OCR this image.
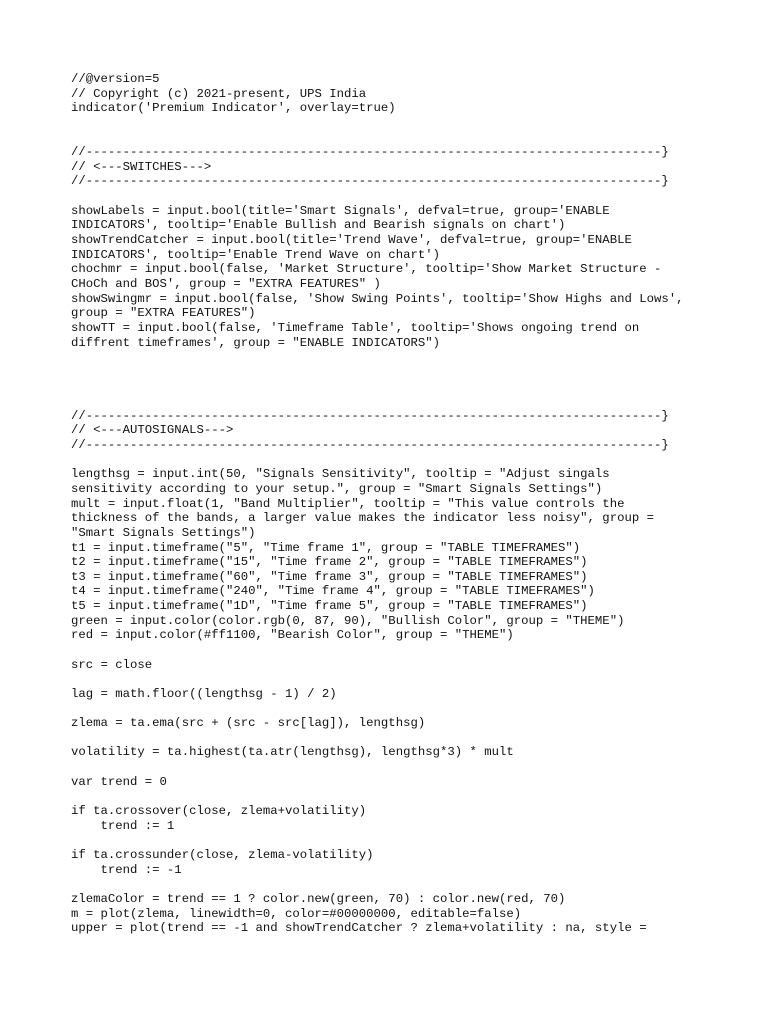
//@version=5
// Copyright (c) 2021-present, UPS India
indicator('Premium Indicator', overlay=true)

//------------------------------------------------------------------------------}
// <---SWITCHES--->
//------------------------------------------------------------------------------}

showLabels = input.bool(title='Smart Signals', defval=true, group='ENABLE
INDICATORS', tooltip='Enable Bullish and Bearish signals on chart')
showTrendCatcher = input.bool(title='Trend Wave', defval=true, group='ENABLE
INDICATORS', tooltip='Enable Trend Wave on chart')
chochmr = input.bool(false, 'Market Structure', tooltip='Show Market Structure -
CHoCh and BOS', group = "EXTRA FEATURES" )
showSwingmr = input.bool(false, 'Show Swing Points', tooltip='Show Highs and Lows',
group = "EXTRA FEATURES")
showTT = input.bool(false, 'Timeframe Table', tooltip='Shows ongoing trend on
diffrent timeframes', group = "ENABLE INDICATORS")

//------------------------------------------------------------------------------}
// <---AUTOSIGNALS--->
//------------------------------------------------------------------------------}

lengthsg = input.int(50, "Signals Sensitivity", tooltip = "Adjust singals
sensitivity according to your setup.", group = "Smart Signals Settings")
mult = input.float(1, "Band Multiplier", tooltip = "This value controls the
thickness of the bands, a larger value makes the indicator less noisy", group =
"Smart Signals Settings")
t1 = input.timeframe("5", "Time frame 1", group = "TABLE TIMEFRAMES")
t2 = input.timeframe("15", "Time frame 2", group = "TABLE TIMEFRAMES")
t3 = input.timeframe("60", "Time frame 3", group = "TABLE TIMEFRAMES")
t4 = input.timeframe("240", "Time frame 4", group = "TABLE TIMEFRAMES")
t5 = input.timeframe("1D", "Time frame 5", group = "TABLE TIMEFRAMES")
green = input.color(color.rgb(0, 87, 90), "Bullish Color", group = "THEME")
red = input.color(#ff1100, "Bearish Color", group = "THEME")

src = close

lag = math.floor((lengthsg - 1) / 2)

zlema = ta.ema(src + (src - src[lag]), lengthsg)

volatility = ta.highest(ta.atr(lengthsg), lengthsg*3) * mult

var trend = 0

if ta.crossover(close, zlema+volatility)
trend := 1

if ta.crossunder(close, zlema-volatility)
trend := -1

zlemaColor = trend == 1 ? color.new(green, 70) : color.new(red, 70)
m = plot(zlema, linewidth=0, color=#00000000, editable=false)
upper = plot(trend == -1 and showTrendCatcher ? zlema+volatility : na, style =
